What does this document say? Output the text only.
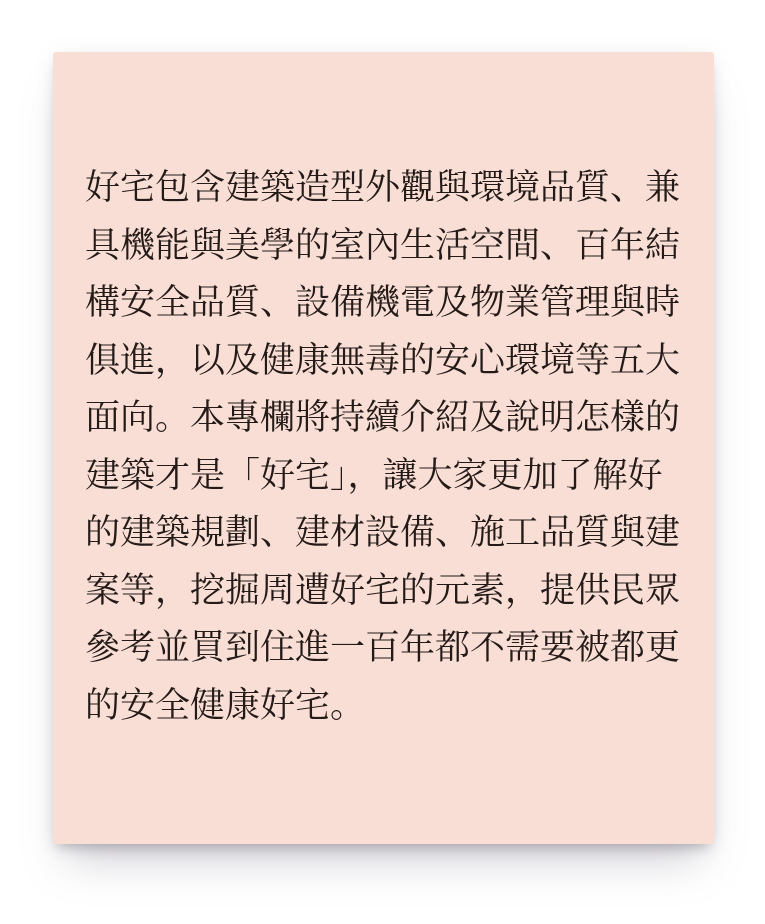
好宅包含建築造型外觀與環境品質、兼
具機能與美學的室內生活空間、百年結
構安全品質、設備機電及物業管理與時
俱進，以及健康無毒的安心環境等五大
面向。本專欄將持續介紹及說明怎樣的
建築才是「好宅」，讓大家更加了解好
的建築規劃、建材設備、施工品質與建
案等，挖掘周遭好宅的元素，提供民眾
參考並買到住進一百年都不需要被都更
的安全健康好宅。
